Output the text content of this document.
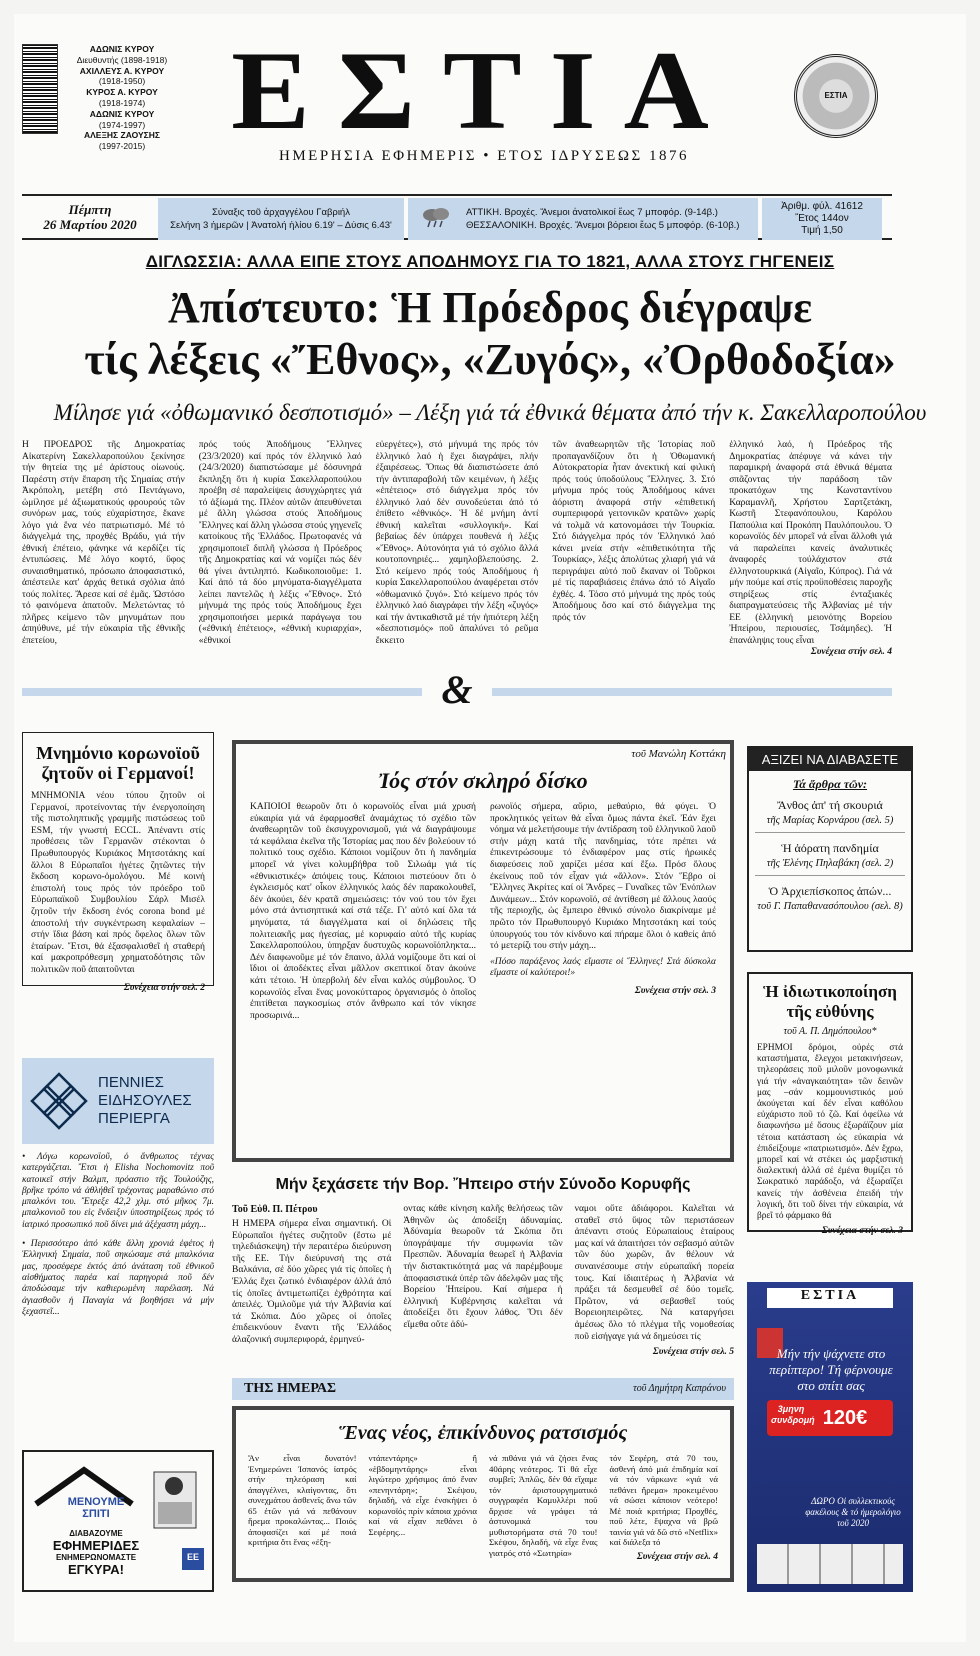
ΑΔΩΝΙΣ ΚΥΡΟΥ
Διευθυντής (1898-1918)
ΑΧΙΛΛΕΥΣ Α. ΚΥΡΟΥ
(1918-1950)
ΚΥΡΟΣ Α. ΚΥΡΟΥ
(1918-1974)
ΑΔΩΝΙΣ ΚΥΡΟΥ
(1974-1997)
ΑΛΕΞΗΣ ΖΑΟΥΣΗΣ
(1997-2015) ΕΣΤΙΑ
ΗΜΕΡΗΣΙΑ ΕΦΗΜΕΡΙΣ • ΕΤΟΣ ΙΔΡΥΣΕΩΣ 1876
ΕΣΤΙΑ
Πέμπτη
26 Μαρτίου 2020
Σύναξις τοῦ ἀρχαγγέλου Γαβριήλ
Σελήνη 3 ἡμερῶν | Ἀνατολή ἡλίου 6.19' – Δύσις 6.43'
ΑΤΤΙΚΗ. Βροχές. Ἄνεμοι ἀνατολικοί ἕως 7 μποφόρ. (9-14β.)
ΘΕΣΣΑΛΟΝΙΚΗ. Βροχές. Ἄνεμοι βόρειοι ἕως 5 μποφόρ. (6-10β.)
Ἀριθμ. φύλ. 41612
Ἔτος 144ον
Τιμή 1,50
ΔΙΓΛΩΣΣΙΑ: ΑΛΛΑ ΕΙΠΕ ΣΤΟΥΣ ΑΠΟΔΗΜΟΥΣ ΓΙΑ ΤΟ 1821, ΑΛΛΑ ΣΤΟΥΣ ΓΗΓΕΝΕΙΣ
Ἀπίστευτο: Ἡ Πρόεδρος διέγραψε
τίς λέξεις «Ἔθνος», «Ζυγός», «Ὀρθοδοξία»
Μίλησε γιά «ὀθωμανικό δεσποτισμό» – Λέξη γιά τά ἐθνικά θέματα ἀπό τήν κ. Σακελλαροπούλου
Η ΠΡΟΕΔΡΟΣ τῆς Δημοκρατίας Αἰκατερίνη Σακελλαροπούλου ξεκίνησε τήν θητεία της μέ ἀρίστους οἰωνούς. Παρέστη στήν ἔπαρση τῆς Σημαίας στήν Ἀκρόπολη, μετέβη στό Πεντάγωνο, ὡμίλησε μέ ἀξιωματικούς φρουρούς τῶν συνόρων μας, τούς εὐχαρίστησε, ἔκανε λόγο γιά ἕνα νέο πατριωτισμό. Μέ τό διάγγελμά της, προχθές Βράδυ, γιά τήν ἐθνική ἐπέτειο, φάνηκε νά κερδίζει τίς ἐντυπώσεις. Μέ λόγο κοφτό, ὕφος συναισθηματικό, πρόσωπο ἀποφασιστικό, ἀπέστειλε κατ' ἀρχάς θετικά σχόλια ἀπό τούς πολίτες. Ἄρεσε καί σέ ἐμᾶς. Ὡστόσο τό φαινόμενα ἀπατοῦν. Μελετώντας τό πλῆρες κείμενο τῶν μηνυμάτων που ἀπηύθυνε, μέ τήν εὐκαιρία τῆς ἐθνικῆς ἐπετείου,
πρός τούς Ἀποδήμους Ἕλληνες (23/3/2020) καί πρός τόν ἑλληνικό λαό (24/3/2020) διαπιστώσαμε μέ δόσυνηρά ἔκπληξη ὅτι ἡ κυρία Σακελλαροπούλου προέβη σέ παραλείψεις ἀσυγχώρητες γιά τό ἀξίωμά της. Πλέον αὐτῶν ἀπευθύνεται μέ ἄλλη γλώσσα στούς Ἀποδήμους Ἕλληνες καί ἄλλη γλώσσα στούς γηγενεῖς κατοίκους τῆς Ἑλλάδος. Πρωτοφανές νά χρησιμοποιεῖ διπλῆ γλώσσα ἡ Πρόεδρος τῆς Δημοκρατίας καί νά νομίζει πώς δέν θά γίνει ἀντιληπτό. Κωδικοποιοῦμε: 1. Καί ἀπό τά δύο μηνύματα-διαγγέλματα λείπει παντελῶς ἡ λέξις «Ἔθνος». Στό μήνυμά της πρός τούς Ἀποδήμους ἔχει χρησιμοποιήσει μερικά παράγωγα του («ἐθνική ἐπέτειος», «ἐθνική κυριαρχία», «ἐθνικοί
εὐεργέτες»), στό μήνυμά της πρός τόν ἑλληνικό λαό ἡ ἔχει διαγράψει, πλήν ἐξαιρέσεως. Ὅπως θά διαπιστώσετε ἀπό τήν ἀντιπαραβολή τῶν κειμένων, ἡ λέξις «ἐπέτειος» στό διάγγελμα πρός τόν ἑλληνικό λαό δέν συνοδεύεται ἀπό τό ἐπίθετο «ἐθνικός». Ἡ δέ μνήμη ἀντί ἐθνική καλεῖται «συλλογική». Καί βεβαίως δέν ὑπάρχει πουθενά ἡ λέξις «Ἔθνος». Αὐτονόητα γιά τό σχόλιο ἄλλά κουτοπονηριές... χαμηλοβλεπούσης. 2. Στό κείμενο πρός τούς Ἀποδήμους ἡ κυρία Σακελλαροπούλου ἀναφέρεται στόν «ὀθωμανικό ζυγό». Στό κείμενο πρός τόν ἑλληνικό λαό διαγράφει τήν λέξη «ζυγός» καί τήν ἀντικαθιστᾶ μέ τήν ἠπιότερη λέξη «δεσποτισμός» ποῦ ἁπαλύνει τό ρεῦμα ἔκκειτο
τῶν ἀναθεωρητῶν τῆς Ἱστορίας ποῦ προπαγανδίζουν ὅτι ἡ Ὀθωμανική Αὐτοκρατορία ἦταν ἀνεκτική καί φιλική πρός τούς ὑποδούλους Ἕλληνες. 3. Στό μήνυμα πρός τούς Ἀποδήμους κάνει ἀόριστη ἀναφορά στήν «ἐπιθετική συμπεριφορά γειτονικῶν κρατῶν» χωρίς νά τολμᾶ νά κατονομάσει τήν Τουρκία. Στό διάγγελμα πρός τόν Ἑλληνικό λαό κάνει μνεία στήν «ἐπιθετικότητα τῆς Τουρκίας», λέξις ἀπολύτως χλιαρή γιά νά περιγράψει αὐτό ποῦ ἔκαναν οἱ Τοῦρκοι μέ τίς παραβιάσεις ἐπάνω ἀπό τό Αἰγαῖο ἐχθές. 4. Τόσο στό μήνυμά της πρός τούς Ἀποδήμους ὅσο καί στό διάγγελμα της πρός τόν
ἑλληνικό λαό, ἡ Πρόεδρος τῆς Δημοκρατίας ἀπέφυγε νά κάνει τήν παραμικρή ἀναφορά στά ἐθνικά θέματα σπᾶζοντας τήν παράδοση τῶν προκατόχων της Κωνσταντίνου Καραμανλῆ, Χρήστου Σαρτζετάκη, Κωστῆ Στεφανόπουλου, Καρόλου Παπούλια καί Προκόπη Παυλόπουλου. Ὁ κορωνοϊός δέν μπορεῖ νά εἶναι ἄλλοθι γιά νά παραλείπει κανείς ἀναλυτικές ἀναφορές τούλάχιστον στά ἐλληνοτουρκικά (Αἰγαῖο, Κύπρος). Γιά νά μήν πούμε καί στίς προϋποθέσεις παροχῆς στηρίξεως στίς ἐνταξιακές διαπραγματεύσεις τῆς Ἀλβανίας μέ τήν ΕΕ (ἑλληνική μειονότης Βορείου Ἠπείρου, περιουσίες, Τσάμηδες). Ἡ ἐπανάληψις τους εἶναι
Συνέχεια στήν σελ. 4
&
Μνημόνιο κορωνοϊοῦ ζητοῦν οἱ Γερμανοί!
ΜΝΗΜΟΝΙΑ νέου τύπου ζητοῦν οἱ Γερμανοί, προτείνοντας τήν ἐνεργοποίηση τῆς πιστοληπτικῆς γραμμῆς πιστώσεως τοῦ ESM, τήν γνωστή ECCL. Ἀπέναντι στίς προθέσεις τῶν Γερμανῶν στέκονται ὁ Πρωθυπουργός Κυριάκος Μητσοτάκης καί ἄλλοι 8 Εὐρωπαῖοι ἡγέτες ζητῶντες τήν ἔκδοση κορωνο-ὁμολόγου. Μέ κοινή ἐπιστολή τους πρός τόν πρόεδρο τοῦ Εὐρωπαϊκοῦ Συμβουλίου Σάρλ Μισέλ ζητοῦν τήν ἔκδοση ἑνός corona bond μέ ἀποστολή τήν συγκέντρωση κεφαλαίων –στήν ἴδια βάση καί πρός ὄφελος ὅλων τῶν ἑταίρων. Ἔτσι, θά ἐξασφαλισθεῖ ἡ σταθερή καί μακροπρόθεσμη χρηματοδότησις τῶν πολιτικῶν ποῦ ἀπαιτοῦνται
Συνέχεια στήν σελ. 2
ΠΕΝΝΙΕΣ
ΕΙΔΗΣΟΥΛΕΣ
ΠΕΡΙΕΡΓΑ

• Λόγω κορωνοϊοῦ, ὁ ἄνθρωπος τέχνας κατεργάζεται. Ἔτσι ἡ Elisha Nochomovitz ποῦ κατοικεῖ στήν Βαλμπ, πρόαστιο τῆς Τουλούζης, βρῆκε τρόπο νά ἀθλήθεῖ τρέχοντας μαραθώνιο στό μπαλκόνι του. Ἔτρεξε 42,2 χλμ. στό μῆκος 7μ. μπαλκονιοῦ του εἰς ἔνδειξιν ὑποστηρίξεως πρός τό ἰατρικό προσωπικό ποῦ δίνει μιά ἀξέχαστη μάχη...

• Περισσότερο ἀπό κάθε ἄλλη χρονιά ἐφέτος ἡ Ἑλληνική Σημαία, ποῦ σηκώσαμε στά μπαλκόνια μας, προσέφερε ἐκτός ἀπό ἀνάταση τοῦ ἐθνικοῦ αἰσθήματος παρέα καί παρηγοριά ποῦ δέν ἀποδώσαμε τήν καθιερωμένη παρέλαση. Νά ἀγιασθοῦν ἡ Παναγία νά βοηθήσει νά μήν ξεχαστεῖ...

ΜΕΝΟΥΜΕ
ΣΠΙΤΙ
ΔΙΑΒΑΖΟΥΜΕ
ΕΦΗΜΕΡΙΔΕΣ
ΕΝΗΜΕΡΩΝΟΜΑΣΤΕ
ΕΓΚΥΡΑ!
ΕΕ
τοῦ Μανώλη Κοττάκη
Ἰός στόν σκληρό δίσκο
ΚΑΠΟΙΟΙ θεωροῦν ὅτι ὁ κορωνοϊός εἶναι μιά χρυσή εὐκαιρία γιά νά ἐφαρμοσθεῖ ἀναμάχτως τό σχέδιο τῶν ἀναθεωρητῶν τοῦ ἐκσυγχρονισμοῦ, γιά νά διαγράψουμε τά κεφάλαια ἐκεῖνα τῆς Ἱστορίας μας που δέν βολεύουν τό πολιτικό τους σχέδιο. Κάποιοι νομίζουν ὅτι ἡ πανδημία μπορεῖ νά γίνει κολυμβήθρα τοῦ Σιλωάμ γιά τίς «ἐθνικιστικές» ἀπόψεις τους. Κάποιοι πιστεύουν ὅτι ὁ ἐγκλεισμός κατ' οἶκον ἑλληνικός λαός δέν παρακολουθεῖ, δέν ἀκούει, δέν κρατᾶ σημειώσεις: τόν νού του τόν ἔχει μόνο στά ἀντισηπτικά καί στά τέζε. Γι' αὐτό καί ὅλα τά μηνύματα, τά διαγγέλματα καί οἱ δηλώσεις τῆς πολιτειακῆς μας ἡγεσίας, μέ κορυφαίο αὐτό τῆς κυρίας Σακελλαροπούλου, ὑπηρξαν δυστυχῶς κορωνοϊόπληκτα... Δέν διαφωνοῦμε μέ τόν ἔπαινο, ἀλλά νομίζουμε ὅτι καί οἱ ἴδιοι οἱ ἀποδέκτες εἶναι μᾶλλον σκεπτικοί ὅταν ἀκούνε κάτι τέτοιο. Ἡ ὑπερβολή δέν εἶναι καλός σύμβουλος. Ὁ κορωνοϊός εἶναι ἕνας μονοκύτταρος ὀργανισμός ὁ ὁποῖος ἐπιτίθεται παγκοσμίως στόν ἄνθρωπο καί τόν νίκησε προσωρινά...
ρωνοϊός σήμερα, αὔριο, μεθαύριο, θά φύγει. Ὁ προκλητικός γείτων θά εἶναι ὅμως πάντα ἐκεῖ. Ἐάν ἔχει νόημα νά μελετήσουμε τήν ἀντίδραση τοῦ ἑλληνικοῦ λαοῦ στήν μάχη κατά τῆς πανδημίας, τότε πρέπει νά ἐπικεντρώσουμε τό ἐνδιαφέρον μας στίς ἡρωικές διαφεύσεις ποῦ χαρίζει μέσα καί ἔξω. Πρόσ ὅλους ἐκείνους ποῦ τόν εἶχαν γιά «ἄλλον». Στόν Ἕβρο οἱ Ἕλληνες Ἀκρίτες καί οἱ Ἄνδρες – Γυναῖκες τῶν Ἐνόπλων Δυνάμεων... Στόν κορωνοϊό, σέ ἀντίθεση μέ ἄλλους λαούς τῆς περιοχῆς, ὡς ἔμπειρο ἐθνικό σύνολο διακρίναμε μέ πρῶτο τόν Πρωθυπουργό Κυριάκο Μητσοτάκη καί τούς ὑπουργούς του τόν κίνδυνο καί πήραμε ὅλοι ὁ καθείς ἀπό τό μετερίζι του στήν μάχη...
«Πόσο παράξενος λαός εἴμαστε οἱ Ἕλληνες! Στά δύσκολα εἴμαστε οἱ καλύτεροι!»
Συνέχεια στήν σελ. 3
Μήν ξεχάσετε τήν Βορ. Ἤπειρο στήν Σύνοδο Κορυφῆς
Τοῦ Εὐθ. Π. Πέτρου
Η ΗΜΕΡΑ σήμερα εἶναι σημαντική. Οἱ Εὐρωπαῖοι ἡγέτες συζητοῦν (ἔστω μέ τηλεδιάσκεψη) τήν περαιτέρω διεύρυνση τῆς ΕΕ. Τήν διεύρυνσή της στά Βαλκάνια, σέ δύο χῶρες γιά τίς ὁποῖες ἡ Ἑλλάς ἔχει ζωτικό ἐνδιαφέρον ἀλλά ἀπό τίς ὁποῖες ἀντιμετωπίζει ἐχθρότητα καί ἀπειλές. Ὁμιλοῦμε γιά τήν Ἀλβανία καί τά Σκόπια. Δύο χῶρες οἱ ὁποῖες ἐπιδεικνύουν ἔναντι τῆς Ἑλλάδος ἀλαζονική συμπεριφορά, ἑρμηνεύ-
οντας κάθε κίνηση καλῆς θελήσεως τῶν Ἀθηνῶν ὡς ἀποδείξη ἀδυναμίας. Ἀδύναμία θεωροῦν τά Σκόπια ὅτι ὑπογράψαμε τήν συμφωνία τῶν Πρεσπῶν. Ἀδυναμία θεωρεῖ ἡ Ἀλβανία τήν διστακτικότητά μας νά παρέμβουμε ἀποφασιστικά ὑπέρ τῶν ἀδελφῶν μας τῆς Βορείου Ἠπείρου. Καί σήμερα ἡ ἑλληνική Κυβέρνησις καλεῖται νά ἀποδείξει ὅτι ἔχουν λάθος. Ὅτι δέν εἴμεθα οὔτε ἀδύ-
ναμοι οὔτε ἀδιάφοροι. Καλεῖται νά σταθεῖ στό ὕψος τῶν περιστάσεων ἀπέναντι στούς Εὐρωπαίους ἑταίρους μας καί νά ἀπαιτήσει τόν σεβασμό αὐτῶν τῶν δύο χωρῶν, ἄν θέλουν νά συναινέσουμε στήν εὐρωπαϊκή πορεία τους. Καί ἰδιαιτέρως ἡ Ἀλβανία νά πράξει τά δεσμευθεῖ σέ δύο τομεῖς. Πρῶτον, νά σεβασθεῖ τούς Βορειοηπειρῶτες. Νά καταργήσει ἀμέσως ὅλο τό πλέγμα τῆς νομοθεσίας ποῦ εἰσήγαγε γιά νά δημεύσει τίς
Συνέχεια στήν σελ. 5
ΤΗΣ ΗΜΕΡΑΣ	τοῦ Δημήτρη Καπράνου
Ἕνας νέος, ἐπικίνδυνος ρατσισμός
Ἄν εἶναι δυνατόν! Ἐνημερώνει Ἰσπανός ἰατρός στήν τηλεόραση καί ἀπαγγέλνει, κλαίγοντας, ὅτι συνεχμάτου ἀσθενεῖς ἄνω τῶν 65 ἐτῶν γιά νά πεθάνουν ἤρεμα προκαλώντας... Ποιός ἀποφασίζει καί μέ ποιά κριτήρια ὅτι ἕνας «ἐξη-
ντάπεντάρης» ἤ «ἑβδομηντάρης» εἶναι λιγώτερο χρήσιμος ἀπό ἕναν «πενηντάρη»; Σκέψου, δηλαδή, νά εἶχε ἐνσκήψει ὁ κορωνοϊός πρίν κάποια χρόνια καί νά εἶχαν πεθάνει ὁ Σεφέρης...
νά πιθάνα γιά νά ζήσει ἕνας 40άρης νεότερος. Τί θά εἶχε συμβεῖ; Ἁπλῶς, δέν θά εἴχαμε τόν ἀριστουργηματικό συγγραφέα Καμυλλέρι ποῦ ἄρχισε νά γράφει τά ἀστυνομικά του μυθιστορήματα στά 70 του! Σκέψου, δηλαδή, νά εἶχε ἕνας γιατρός στό «Σωτηρία»
τόν Σεφέρη, στά 70 του, ἀσθενή ἀπό μιά ἐπιδημία καί νά τόν νάρκωνε «γιά νά πεθάνει ἤρεμα» προκειμένου νά σώσει κάποιον νεότερο! Μέ ποιά κριτήρια; Προχθές, ποῦ λέτε, ἔψαχνα νά βρῶ ταινία γιά νά δῶ στό «Netflix» καί διάλεξα τό
Συνέχεια στήν σελ. 4
ΑΞΙΖΕΙ ΝΑ ΔΙΑΒΑΣΕΤΕ
Τά ἄρθρα τῶν:
Ἄνθος ἀπ' τή σκουριά
τῆς Μαρίας Κορνάρου (σελ. 5)
Ἡ ἀόρατη πανδημία
τῆς Ἐλένης Πηλαβάκη (σελ. 2)
Ὁ Ἀρχιεπίσκοπος ἀπών...
τοῦ Γ. Παπαθανασόπουλου (σελ. 8)
Ἡ ἰδιωτικοποίηση τῆς εὐθύνης
τοῦ Α. Π. Δημόπουλου*
ΕΡΗΜΟΙ δρόμοι, οὐρές στά καταστήματα, ἔλεγχοι μετακινήσεων, τηλεοράσεις ποῦ μιλοῦν μονοφωνικά γιά τήν «ἀναγκαιότητα» τῶν δεινῶν μας –σάν κομμουνιστικός μού ἀκούγεται καί δέν εἶναι καθόλου εὐχάριστο ποῦ τό ζῶ. Καί ὀφείλω νά διαφωνήσω μέ ὅσους ἐξωράϊζουν μία τέτοια κατάσταση ὡς εὐκαιρία νά ἐπιδείξουμε «πατριωτισμό». Δέν ἔχρω, μπορεῖ καί νά στέκει ὡς μαρξιστική διαλεκτική ἀλλά σέ ἐμένα θυμίζει τό Σωκρατικό παράδοξο, νά ἐξωραΐζει κανείς τήν ἀσθένεια ἐπειδή τήν λογική, ὅτι τοῦ δίνει τήν εὐκαιρία, νά βρεῖ τό φάρμακο θά
Συνέχεια στήν σελ. 3
ΕΣΤΙΑ
Μήν τήν ψάχνετε στο περίπτερο! Τή φέρνουμε στο σπίτι σας
3μηνη συνδρομή 120€
ΔΩΡΟ Οἱ συλλεκτικούς φακέλους & τό ἡμερολόγιο τοῦ 2020
